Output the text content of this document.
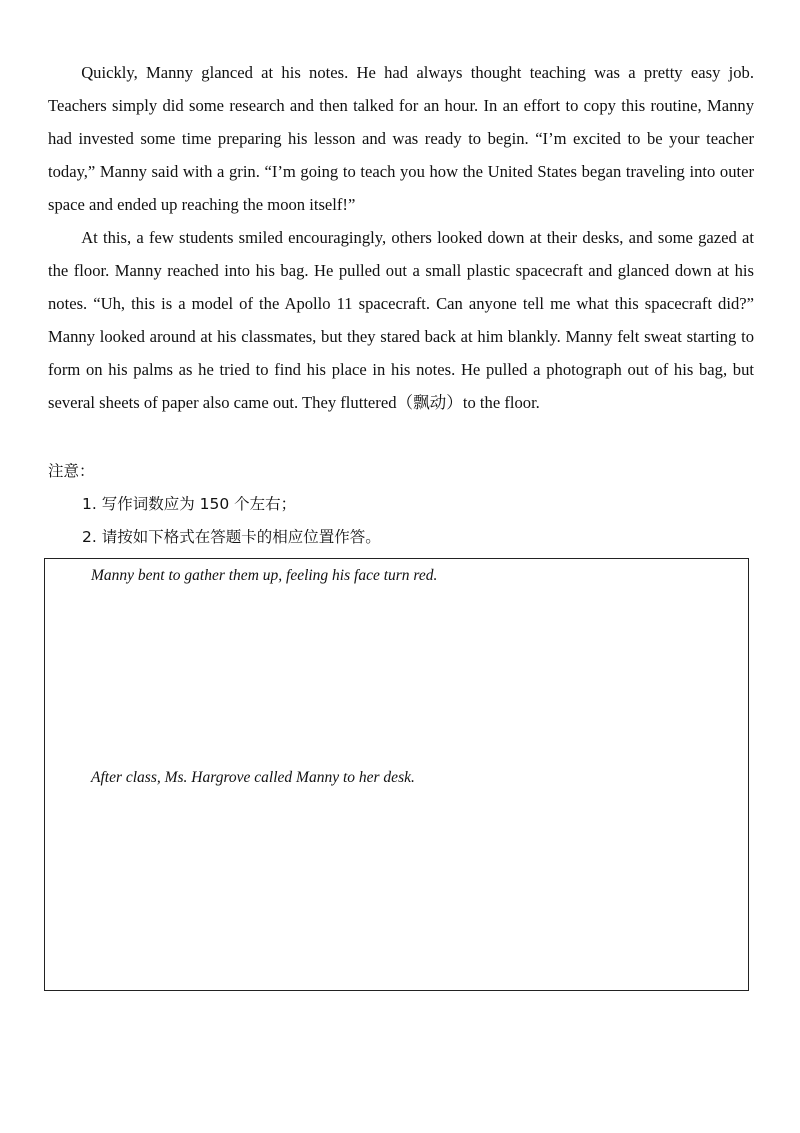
Quickly, Manny glanced at his notes. He had always thought teaching was a pretty easy job. Teachers simply did some research and then talked for an hour. In an effort to copy this routine, Manny had invested some time preparing his lesson and was ready to begin. “I’m excited to be your teacher today,” Manny said with a grin. “I’m going to teach you how the United States began traveling into outer space and ended up reaching the moon itself!”

At this, a few students smiled encouragingly, others looked down at their desks, and some gazed at the floor. Manny reached into his bag. He pulled out a small plastic spacecraft and glanced down at his notes. “Uh, this is a model of the Apollo 11 spacecraft. Can anyone tell me what this spacecraft did?” Manny looked around at his classmates, but they stared back at him blankly. Manny felt sweat starting to form on his palms as he tried to find his place in his notes. He pulled a photograph out of his bag, but several sheets of paper also came out. They fluttered（飘动）to the floor.

注意：

1. 写作词数应为 150 个左右；

2. 请按如下格式在答题卡的相应位置作答。

Manny bent to gather them up, feeling his face turn red.
After class, Ms. Hargrove called Manny to her desk.
